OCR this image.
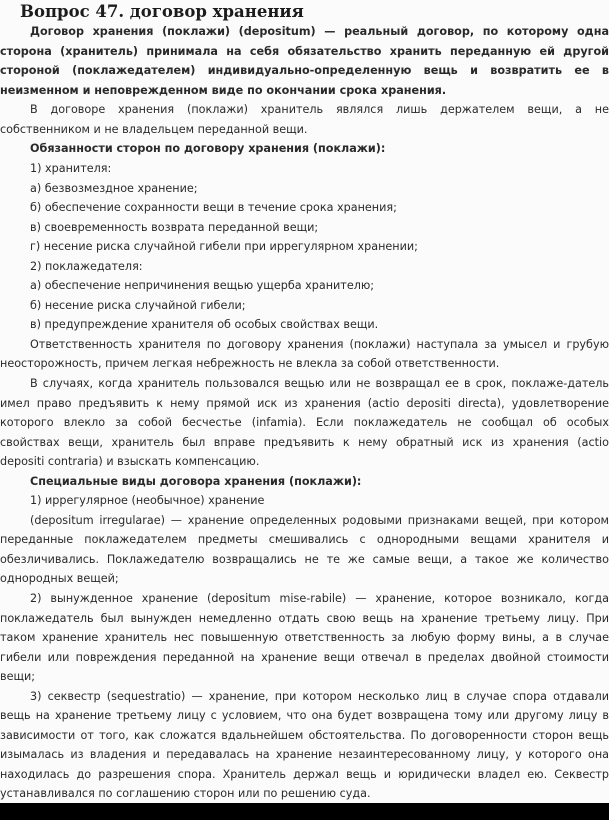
Вопрос 47. договор хранения
Договор хранения (поклажи) (depositum) — реальный договор, по которому одна
сторона (хранитель) принимала на себя обязательство хранить переданную ей другой
стороной (поклажедателем) индивидуально-определенную вещь и возвратить ее в
неизменном и неповрежденном виде по окончании срока хранения.
В договоре хранения (поклажи) хранитель являлся лишь держателем вещи, а не
собственником и не владельцем переданной вещи.
Обязанности сторон по договору хранения (поклажи):
1) хранителя:
а) безвозмездное хранение;
б) обеспечение сохранности вещи в течение срока хранения;
в) своевременность возврата переданной вещи;
г) несение риска случайной гибели при иррегулярном хранении;
2) поклажедателя:
а) обеспечение непричинения вещью ущерба хранителю;
б) несение риска случайной гибели;
в) предупреждение хранителя об особых свойствах вещи.
Ответственность хранителя по договору хранения (поклажи) наступала за умысел и грубую
неосторожность, причем легкая небрежность не влекла за собой ответственности.
В случаях, когда хранитель пользовался вещью или не возвращал ее в срок, поклаже-датель
имел право предъявить к нему прямой иск из хранения (actio depositi directa), удовлетворение
которого влекло за собой бесчестье (infamia). Если поклажедатель не сообщал об особых
свойствах вещи, хранитель был вправе предъявить к нему обратный иск из хранения (actio
depositi contraria) и взыскать компенсацию.
Специальные виды договора хранения (поклажи):
1) иррегулярное (необычное) хранение
(depositum irregularae) — хранение определенных родовыми признаками вещей, при котором
переданные поклажедателем предметы смешивались с однородными вещами хранителя и
обезличивались. Поклажедателю возвращались не те же самые вещи, а такое же количество
однородных вещей;
2) вынужденное хранение (depositum mise-rabile) — хранение, которое возникало, когда
поклажедатель был вынужден немедленно отдать свою вещь на хранение третьему лицу. При
таком хранение хранитель нес повышенную ответственность за любую форму вины, а в случае
гибели или повреждения переданной на хранение вещи отвечал в пределах двойной стоимости
вещи;
3) секвестр (sequestratio) — хранение, при котором несколько лиц в случае спора отдавали
вещь на хранение третьему лицу с условием, что она будет возвращена тому или другому лицу в
зависимости от того, как сложатся вдальнейшем обстоятельства. По договоренности сторон вещь
изымалась из владения и передавалась на хранение незаинтересованному лицу, у которого она
находилась до разрешения спора. Хранитель держал вещь и юридически владел ею. Секвестр
устанавливался по соглашению сторон или по решению суда.
